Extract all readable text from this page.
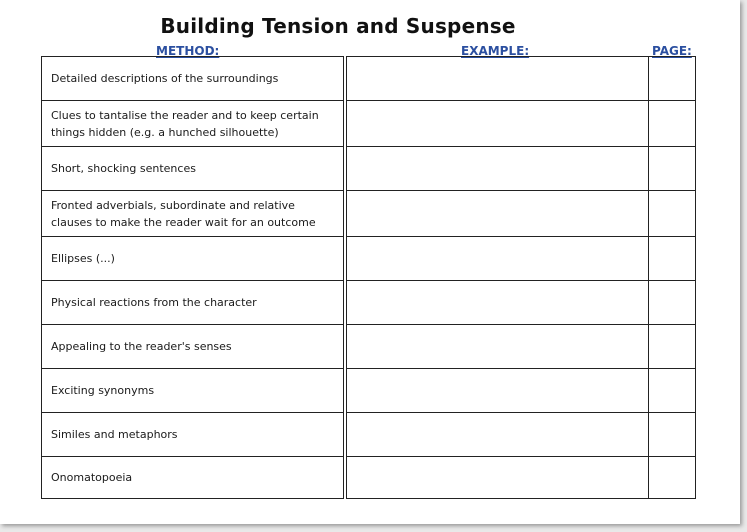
Building Tension and Suspense
METHOD:	EXAMPLE:	PAGE:
Detailed descriptions of the surroundings
Clues to tantalise the reader and to keep certain things hidden (e.g. a hunched silhouette)
Short, shocking sentences
Fronted adverbials, subordinate and relative clauses to make the reader wait for an outcome
Ellipses (...)
Physical reactions from the character
Appealing to the reader's senses
Exciting synonyms
Similes and metaphors
Onomatopoeia
